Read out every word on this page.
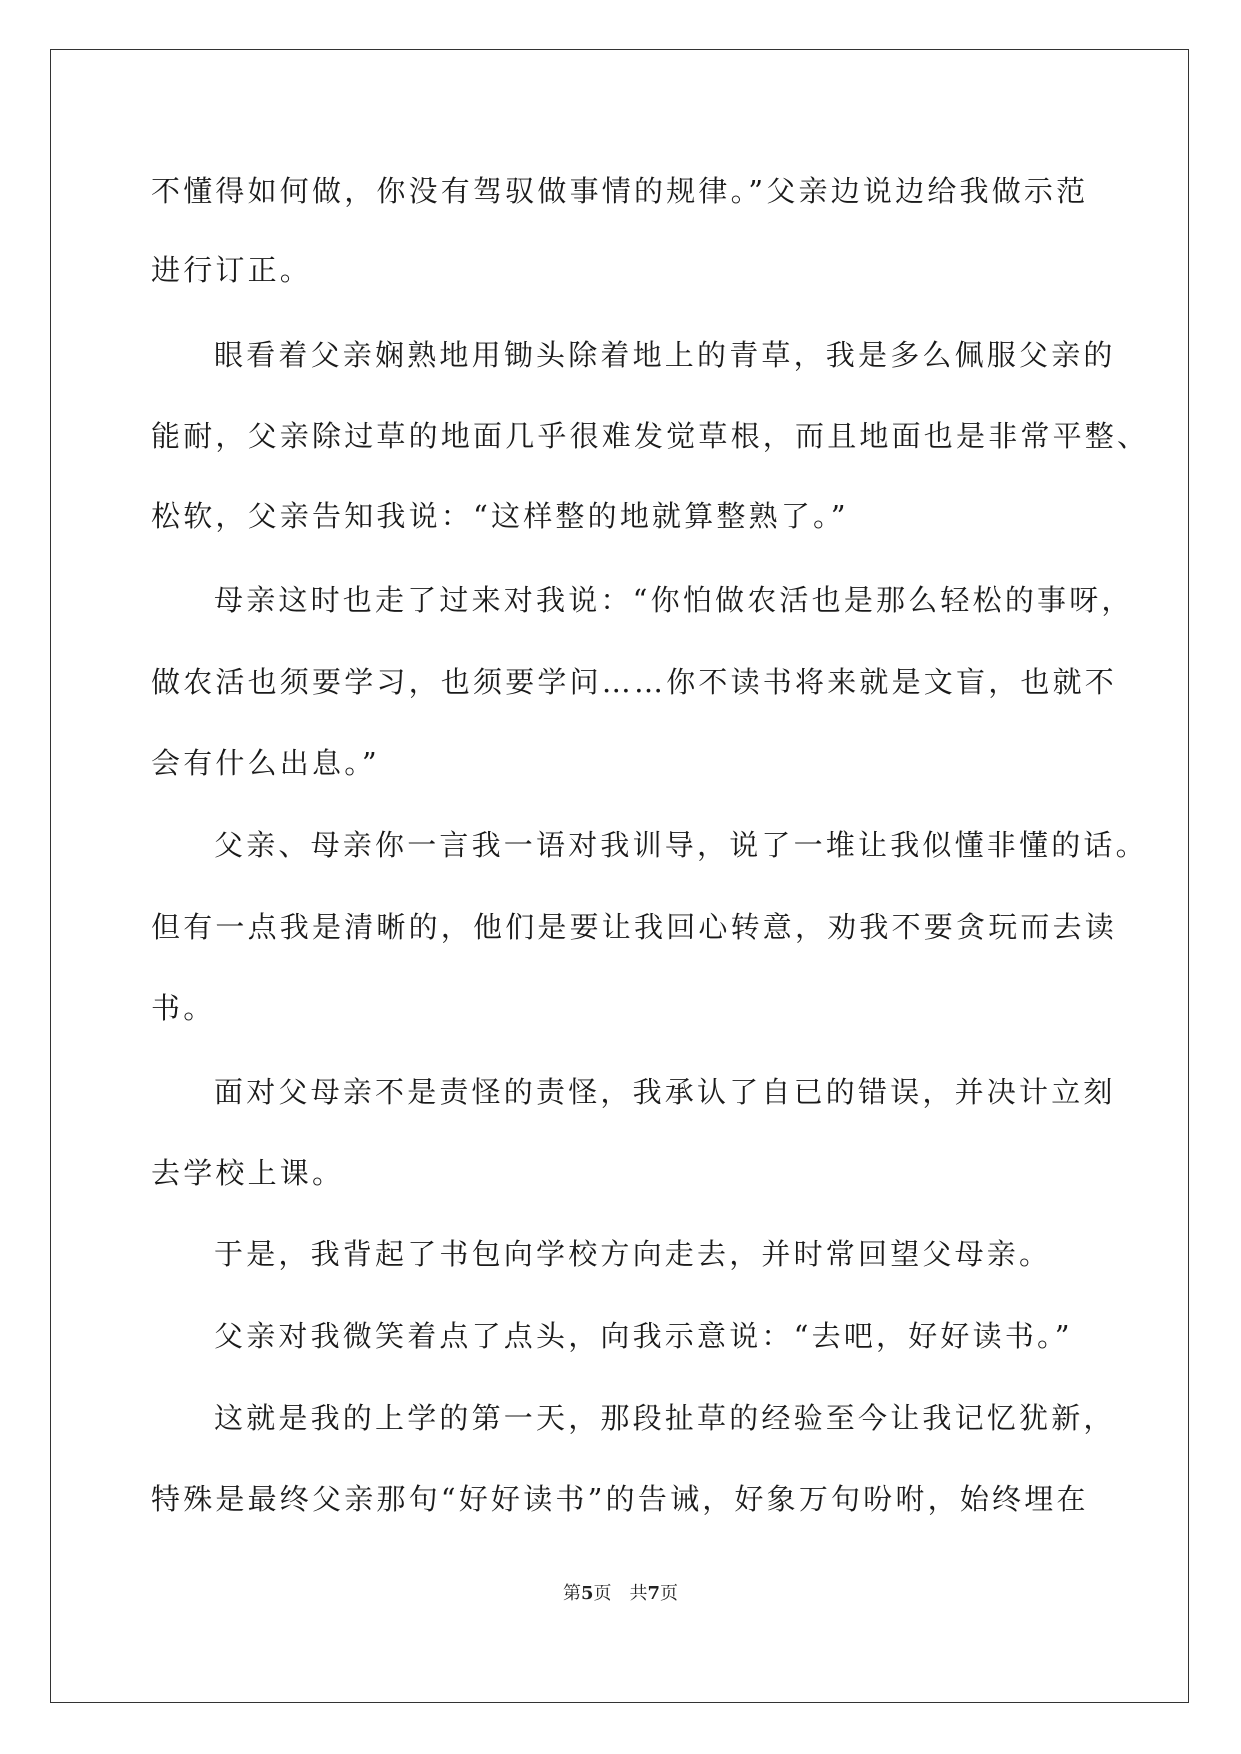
不懂得如何做，你没有驾驭做事情的规律。”父亲边说边给我做示范

进行订正。

眼看着父亲娴熟地用锄头除着地上的青草，我是多么佩服父亲的

能耐，父亲除过草的地面几乎很难发觉草根，而且地面也是非常平整、

松软，父亲告知我说：“这样整的地就算整熟了。”

母亲这时也走了过来对我说：“你怕做农活也是那么轻松的事呀，

做农活也须要学习，也须要学问……你不读书将来就是文盲，也就不

会有什么出息。”

父亲、母亲你一言我一语对我训导，说了一堆让我似懂非懂的话。

但有一点我是清晰的，他们是要让我回心转意，劝我不要贪玩而去读

书。

面对父母亲不是责怪的责怪，我承认了自已的错误，并决计立刻

去学校上课。

于是，我背起了书包向学校方向走去，并时常回望父母亲。

父亲对我微笑着点了点头，向我示意说：“去吧，好好读书。”

这就是我的上学的第一天，那段扯草的经验至今让我记忆犹新，

特殊是最终父亲那句“好好读书”的告诫，好象万句吩咐，始终埋在

第5页　共7页
